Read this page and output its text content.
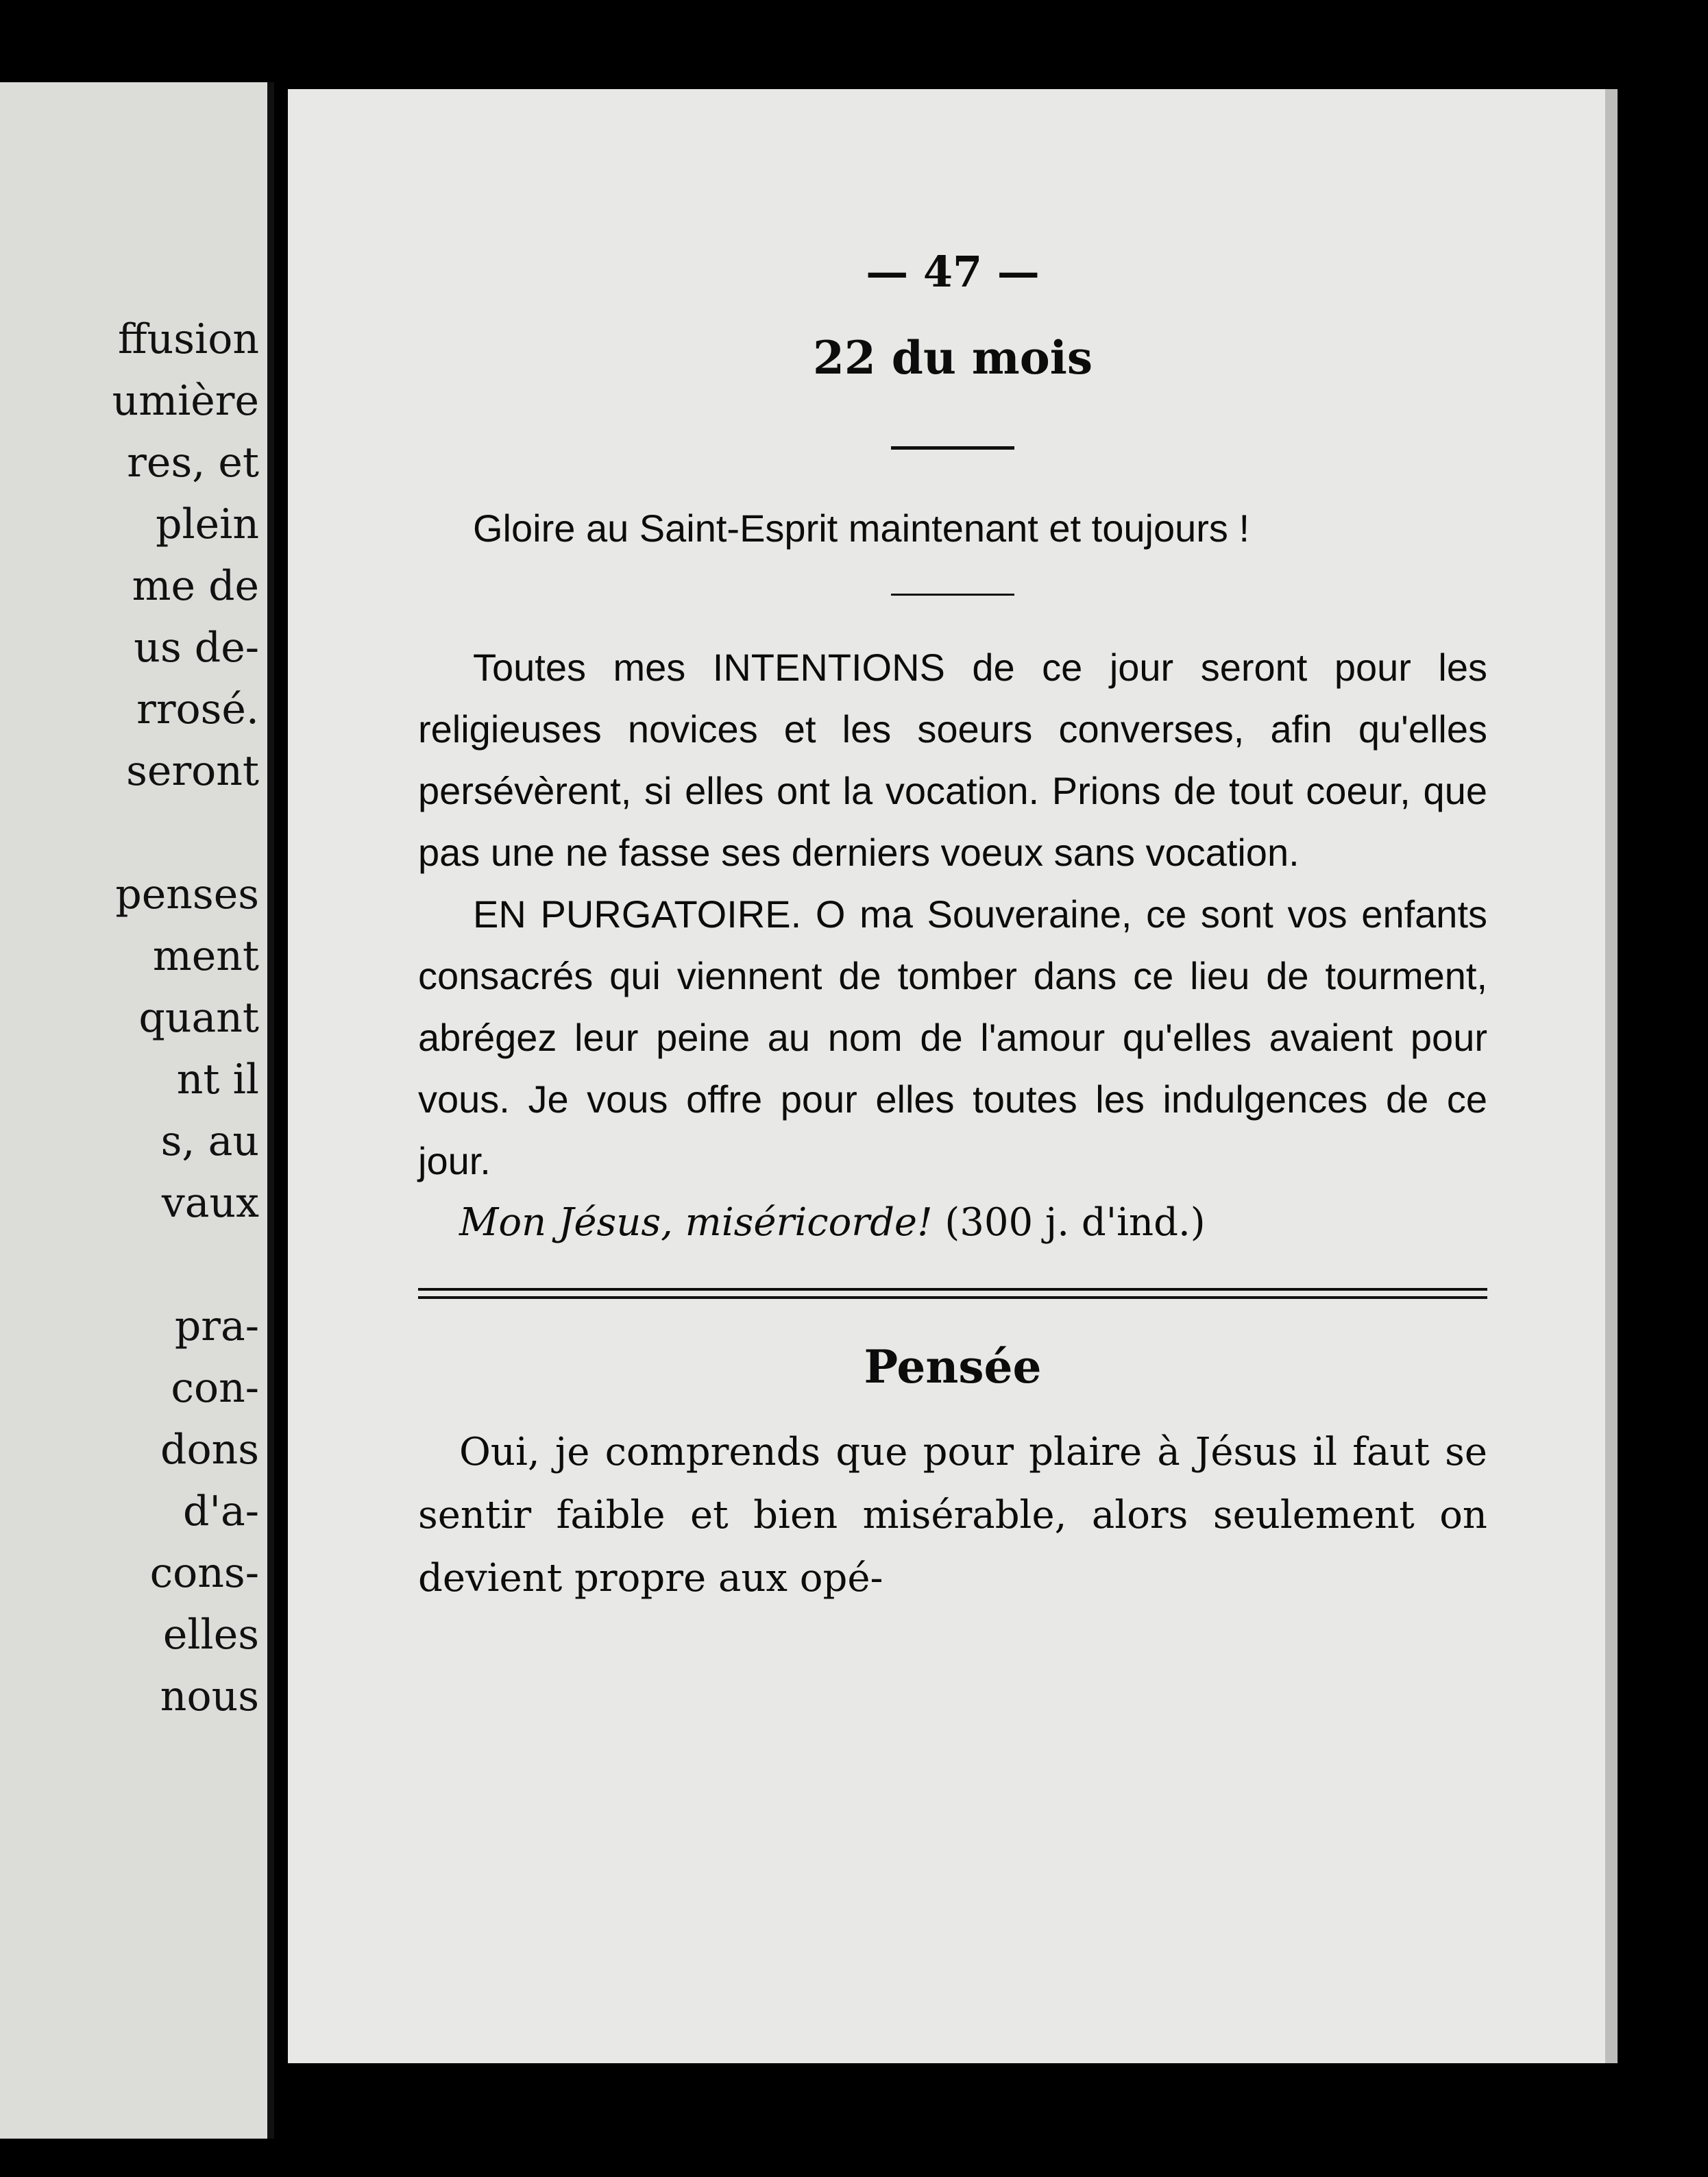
ffusion
umière
res, et
plein
me de
us de-
rrosé.
seront
penses
ment
quant
nt il
s, au
vaux
pra-
con-
dons
d'a-
cons-
elles
nous

— 47 —

22 du mois

Gloire au Saint-Esprit maintenant et toujours !

Toutes mes INTENTIONS de ce jour seront pour les religieuses novices et les soeurs converses, afin qu'elles persévèrent, si elles ont la vocation. Prions de tout coeur, que pas une ne fasse ses derniers voeux sans vocation.

EN PURGATOIRE. O ma Souveraine, ce sont vos enfants consacrés qui viennent de tomber dans ce lieu de tourment, abrégez leur peine au nom de l'amour qu'elles avaient pour vous. Je vous offre pour elles toutes les indulgences de ce jour.

Mon Jésus, miséricorde! (300 j. d'ind.)

Pensée

Oui, je comprends que pour plaire à Jésus il faut se sentir faible et bien misérable, alors seulement on devient propre aux opé-
